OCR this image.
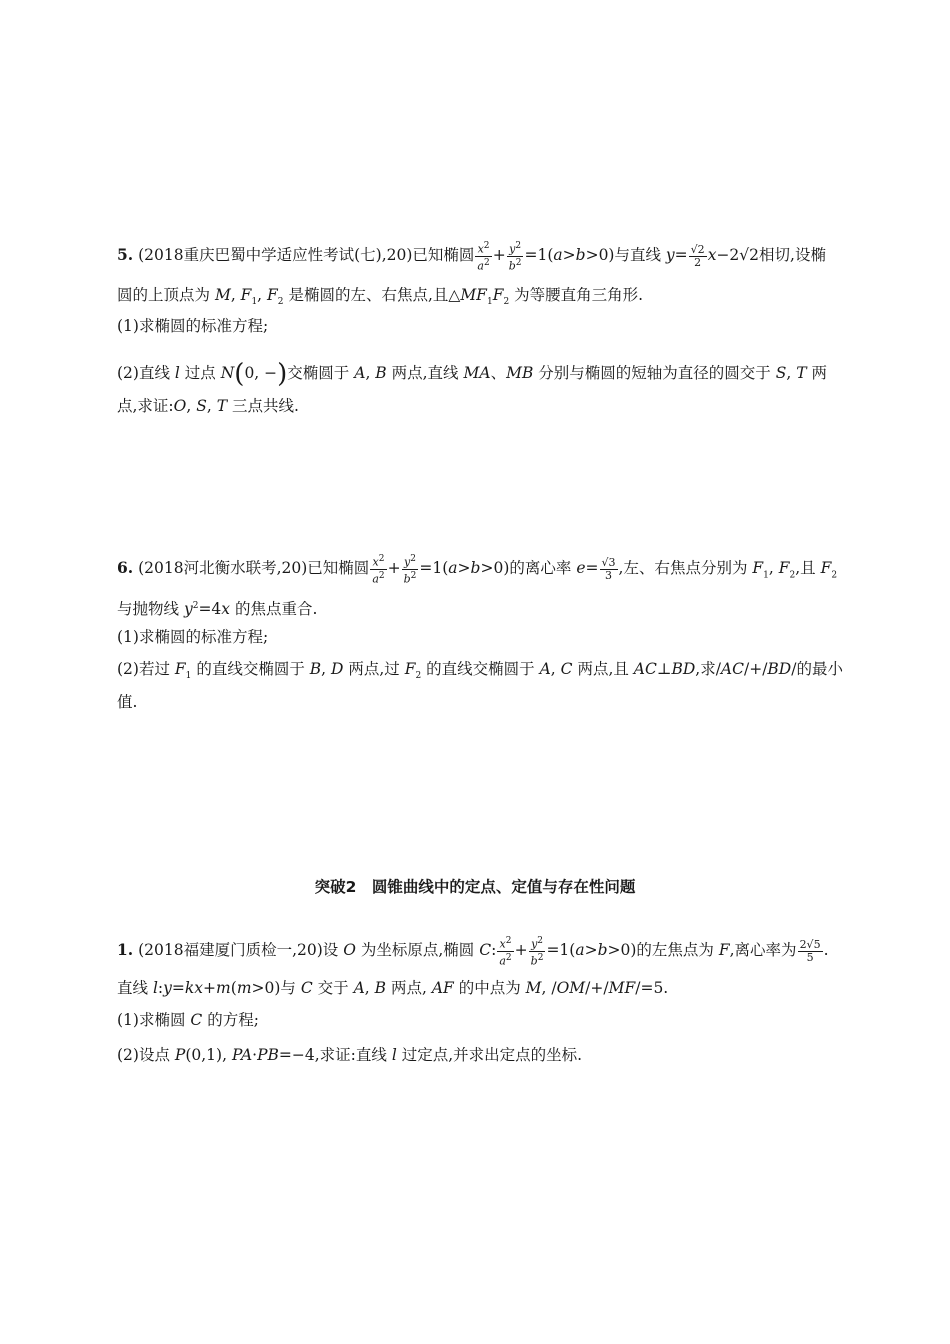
5. (2018重庆巴蜀中学适应性考试(七),20)已知椭圆 $\frac{x^2}{a^2} + \frac{y^2}{b^2} =1(a>b>0)$与直线 $y= \frac{√2}{2} x-2√2$相切,设椭
圆的上顶点为 M, $F_1$, $F_2$ 是椭圆的左、右焦点,且$\triangle MF_1F_2$ 为等腰直角三角形.
(1)求椭圆的标准方程;
(2)直线 l 过点 N(0, −)交椭圆于 A, B 两点,直线 MA、MB 分别与椭圆的短轴为直径的圆交于 S, T 两
点,求证:O, S, T 三点共线.
6. (2018河北衡水联考,20)已知椭圆 $\frac{x^2}{a^2} + \frac{y^2}{b^2} =1(a>b>0)$的离心率 $e= \frac{√3}{3}$ ,左、右焦点分别为 $F_1$, $F_2$,且 $F_2$
与抛物线 $y^2=4x$ 的焦点重合.
(1)求椭圆的标准方程;
(2)若过 $F_1$ 的直线交椭圆于 B, D 两点,过 $F_2$ 的直线交椭圆于 A, C 两点,且 AC⊥BD,求/AC/+/BD/的最小
值.
突破2　圆锥曲线中的定点、定值与存在性问题
1. (2018福建厦门质检一,20)设 O 为坐标原点,椭圆 C: $\frac{x^2}{a^2} + \frac{y^2}{b^2} =1(a>b>0)$的左焦点为 F,离心率为 $\frac{2√5}{5}$ .
直线 l:y=kx+m(m>0)与 C 交于 A, B 两点, AF 的中点为 M, /OM/+/MF/=5.
(1)求椭圆 C 的方程;
(2)设点 P(0,1), PA·PB=−4,求证:直线 l 过定点,并求出定点的坐标.
